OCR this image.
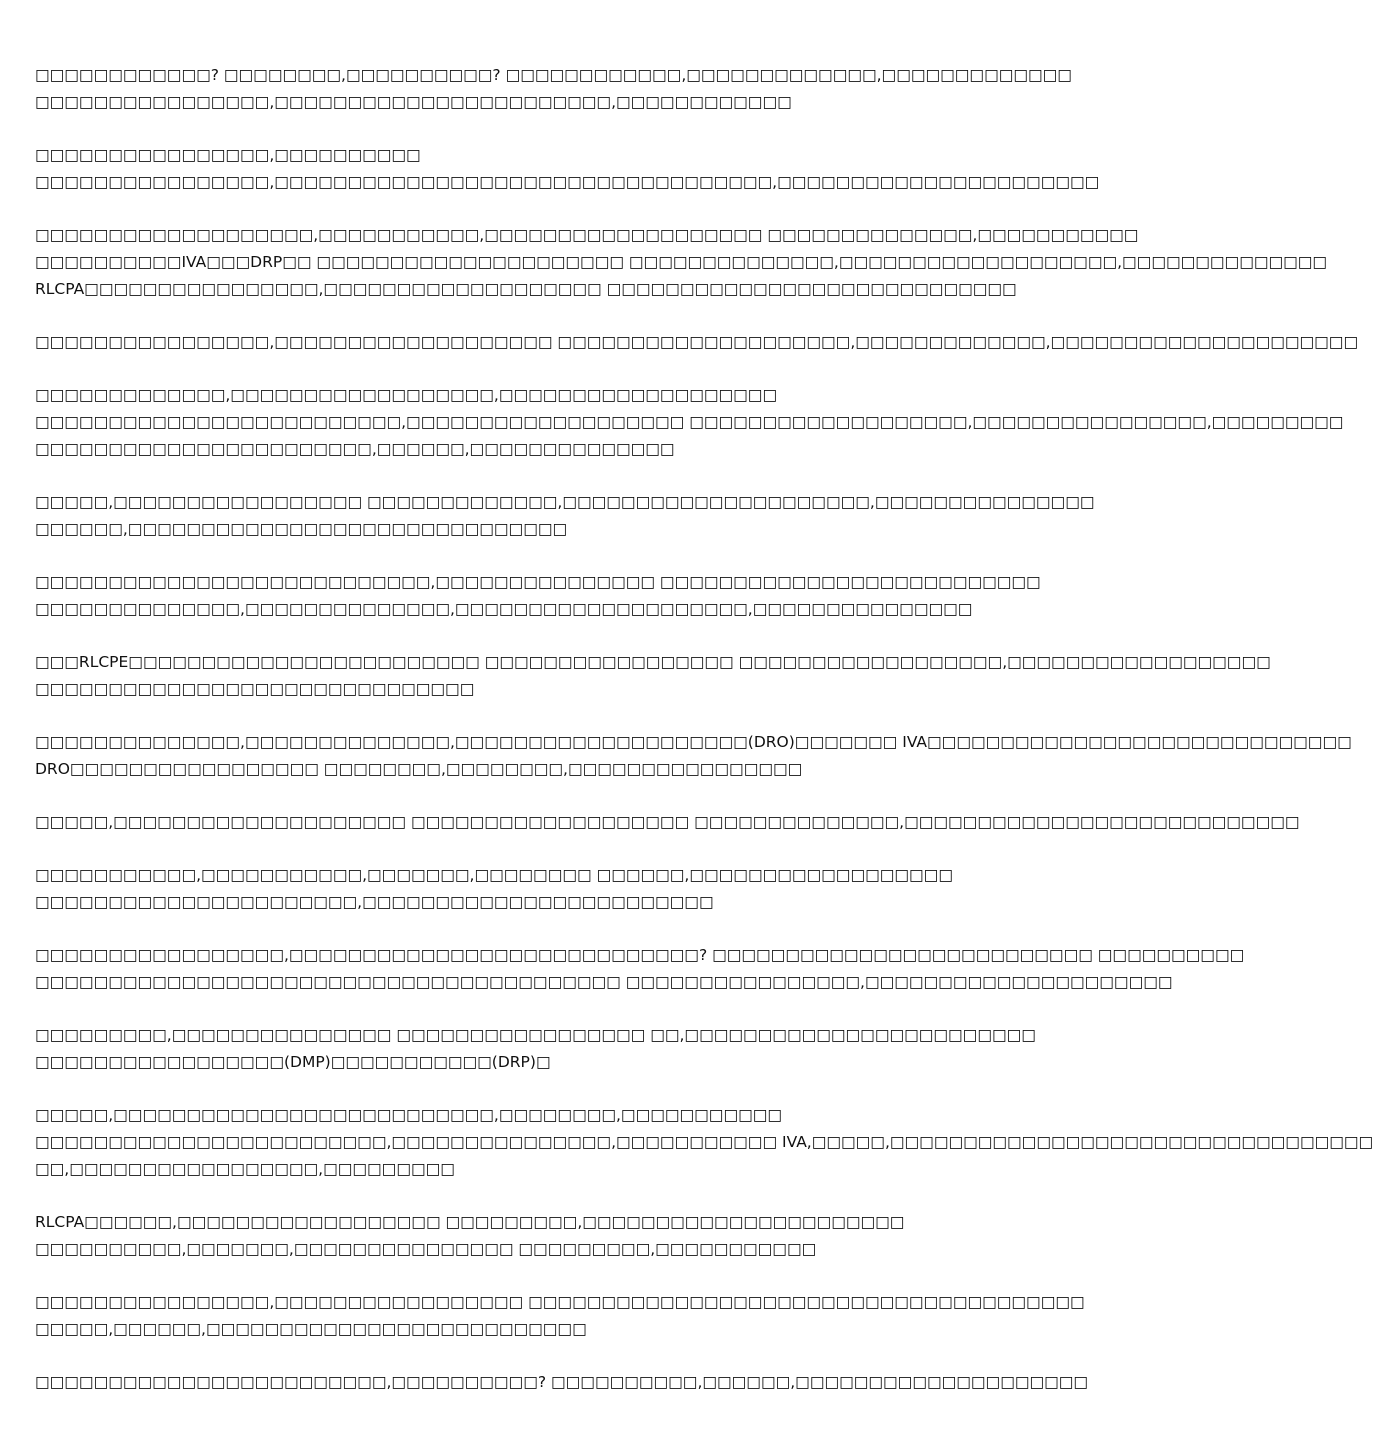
□□□□□□□□□□□□? □□□□□□□□,□□□□□□□□□□? □□□□□□□□□□□□,□□□□□□□□□□□□□,□□□□□□□□□□□□□
□□□□□□□□□□□□□□□□,□□□□□□□□□□□□□□□□□□□□□□□,□□□□□□□□□□□□

□□□□□□□□□□□□□□□□,□□□□□□□□□□
□□□□□□□□□□□□□□□□,□□□□□□□□□□□□□□□□□□□□□□□□□□□□□□□□□□,□□□□□□□□□□□□□□□□□□□□□□

□□□□□□□□□□□□□□□□□□□,□□□□□□□□□□□,□□□□□□□□□□□□□□□□□□□ □□□□□□□□□□□□□□,□□□□□□□□□□□
□□□□□□□□□□IVA□□□DRP□□ □□□□□□□□□□□□□□□□□□□□□ □□□□□□□□□□□□□□,□□□□□□□□□□□□□□□□□□□,□□□□□□□□□□□□□□
RLCPA□□□□□□□□□□□□□□□□,□□□□□□□□□□□□□□□□□□□ □□□□□□□□□□□□□□□□□□□□□□□□□□□□

□□□□□□□□□□□□□□□□,□□□□□□□□□□□□□□□□□□□ □□□□□□□□□□□□□□□□□□□□,□□□□□□□□□□□□□,□□□□□□□□□□□□□□□□□□□□□

□□□□□□□□□□□□□,□□□□□□□□□□□□□□□□□□,□□□□□□□□□□□□□□□□□□□
□□□□□□□□□□□□□□□□□□□□□□□□□,□□□□□□□□□□□□□□□□□□□ □□□□□□□□□□□□□□□□□□□,□□□□□□□□□□□□□□□□,□□□□□□□□□
□□□□□□□□□□□□□□□□□□□□□□□,□□□□□□,□□□□□□□□□□□□□□

□□□□□,□□□□□□□□□□□□□□□□□ □□□□□□□□□□□□□,□□□□□□□□□□□□□□□□□□□□□,□□□□□□□□□□□□□□□
□□□□□□,□□□□□□□□□□□□□□□□□□□□□□□□□□□□□□

□□□□□□□□□□□□□□□□□□□□□□□□□□□,□□□□□□□□□□□□□□□ □□□□□□□□□□□□□□□□□□□□□□□□□□
□□□□□□□□□□□□□□,□□□□□□□□□□□□□□,□□□□□□□□□□□□□□□□□□□□,□□□□□□□□□□□□□□□

□□□RLCPE□□□□□□□□□□□□□□□□□□□□□□□□ □□□□□□□□□□□□□□□□□ □□□□□□□□□□□□□□□□□□,□□□□□□□□□□□□□□□□□□
□□□□□□□□□□□□□□□□□□□□□□□□□□□□□□

□□□□□□□□□□□□□□,□□□□□□□□□□□□□□,□□□□□□□□□□□□□□□□□□□□(DRO)□□□□□□□ IVA□□□□□□□□□□□□□□□□□□□□□□□□□□□□□
DRO□□□□□□□□□□□□□□□□□ □□□□□□□□,□□□□□□□□,□□□□□□□□□□□□□□□□

□□□□□,□□□□□□□□□□□□□□□□□□□□ □□□□□□□□□□□□□□□□□□□ □□□□□□□□□□□□□□,□□□□□□□□□□□□□□□□□□□□□□□□□□□

□□□□□□□□□□□,□□□□□□□□□□□,□□□□□□□,□□□□□□□□ □□□□□□,□□□□□□□□□□□□□□□□□□
□□□□□□□□□□□□□□□□□□□□□□,□□□□□□□□□□□□□□□□□□□□□□□□

□□□□□□□□□□□□□□□□□,□□□□□□□□□□□□□□□□□□□□□□□□□□□□? □□□□□□□□□□□□□□□□□□□□□□□□□□ □□□□□□□□□□
□□□□□□□□□□□□□□□□□□□□□□□□□□□□□□□□□□□□□□□□ □□□□□□□□□□□□□□□□,□□□□□□□□□□□□□□□□□□□□□

□□□□□□□□□,□□□□□□□□□□□□□□□ □□□□□□□□□□□□□□□□□ □□,□□□□□□□□□□□□□□□□□□□□□□□□
□□□□□□□□□□□□□□□□□(DMP)□□□□□□□□□□□(DRP)□

□□□□□,□□□□□□□□□□□□□□□□□□□□□□□□□□,□□□□□□□□,□□□□□□□□□□□
□□□□□□□□□□□□□□□□□□□□□□□□,□□□□□□□□□□□□□□□,□□□□□□□□□□□ IVA,□□□□□,□□□□□□□□□□□□□□□□□□□□□□□□□□□□□□□□□
□□,□□□□□□□□□□□□□□□□□,□□□□□□□□□

RLCPA□□□□□□,□□□□□□□□□□□□□□□□□□ □□□□□□□□□,□□□□□□□□□□□□□□□□□□□□□□
□□□□□□□□□□,□□□□□□□,□□□□□□□□□□□□□□□ □□□□□□□□□,□□□□□□□□□□□

□□□□□□□□□□□□□□□□,□□□□□□□□□□□□□□□□□ □□□□□□□□□□□□□□□□□□□□□□□□□□□□□□□□□□□□□□
□□□□□,□□□□□□,□□□□□□□□□□□□□□□□□□□□□□□□□□

□□□□□□□□□□□□□□□□□□□□□□□□,□□□□□□□□□□? □□□□□□□□□□,□□□□□□,□□□□□□□□□□□□□□□□□□□□
